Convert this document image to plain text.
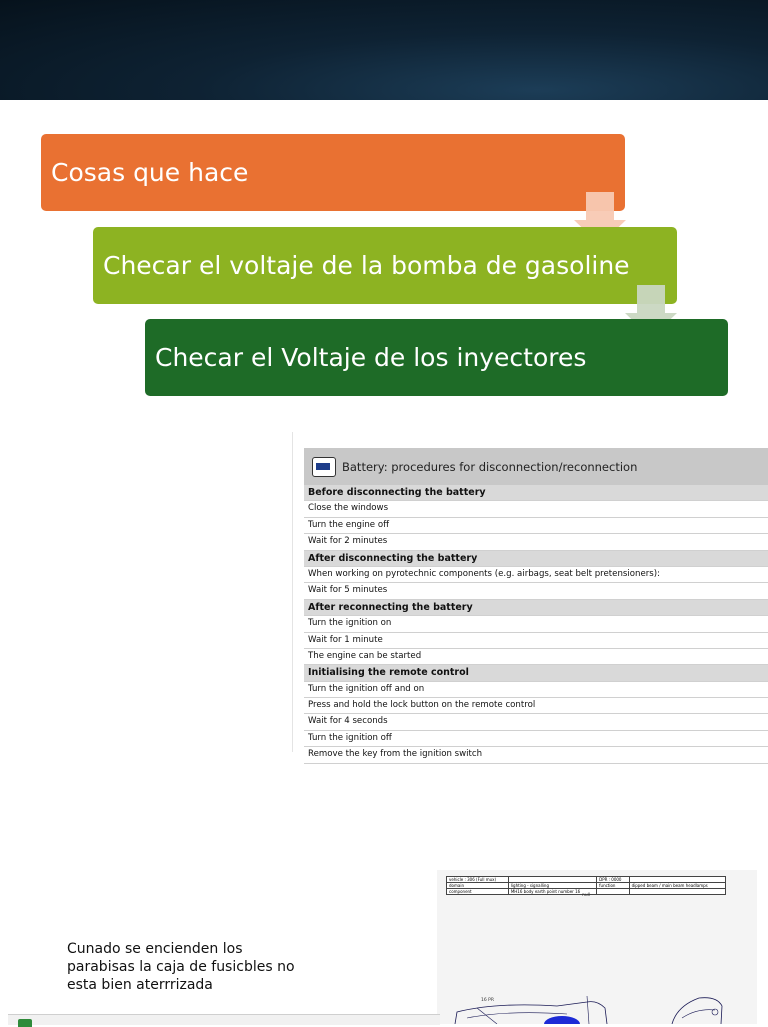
Cosas que hace
Checar el voltaje de la bomba de gasoline
Checar el Voltaje de los inyectores
Battery: procedures for disconnection/reconnection
Before disconnecting the battery
Close the windows
Turn the engine off
Wait for 2 minutes
After disconnecting the battery
When working on pyrotechnic components (e.g. airbags, seat belt pretensioners):
Wait for 5 minutes
After reconnecting the battery
Turn the ignition on
Wait for 1 minute
The engine can be started
Initialising the remote control
Turn the ignition off and on
Press and hold the lock button on the remote control
Wait for 4 seconds
Turn the ignition off
Remove the key from the ignition switch
Cunado se encienden los parabisas la caja de fusicbles no esta bien aterrrizada
vehicle : 306 (Full mux)		DPR : 0000	
domain	lighting - signalling	function	dipped beam / main beam headlamps
component	MH16 body earth point number 16		
null
16 PR
